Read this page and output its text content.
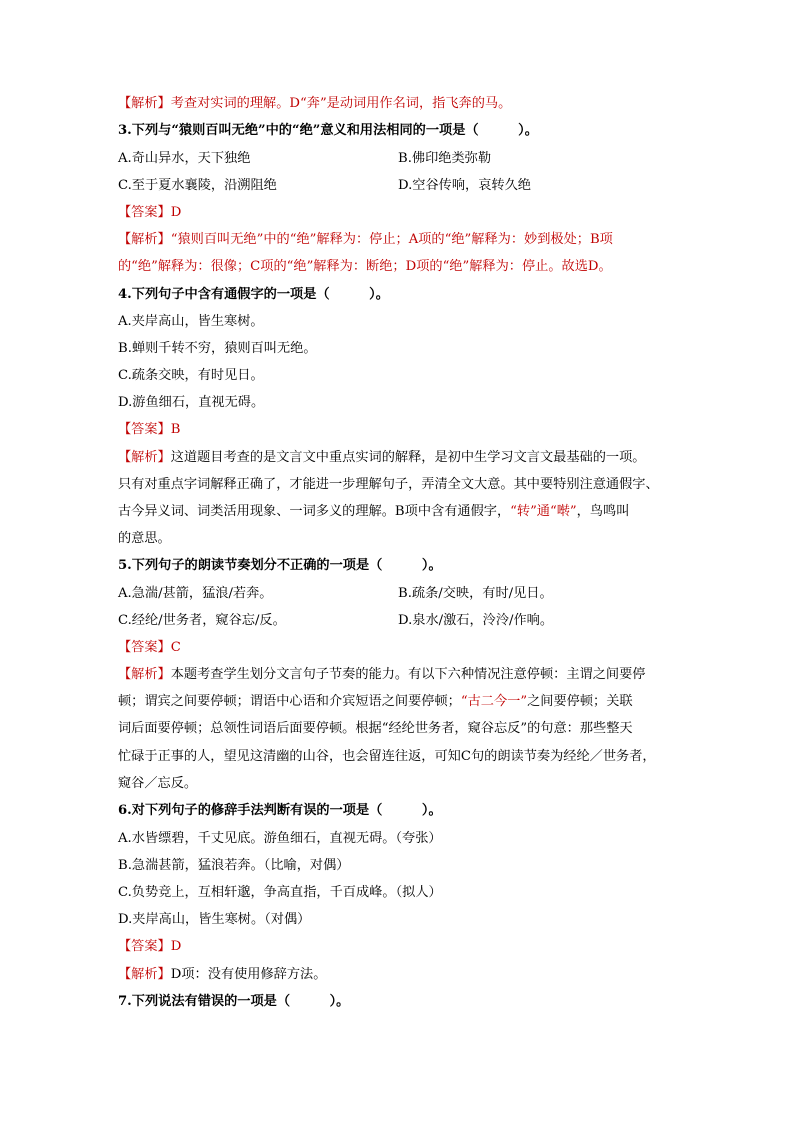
【解析】考查对实词的理解。D“奔”是动词用作名词，指飞奔的马。
3.下列与“猿则百叫无绝”中的“绝”意义和用法相同的一项是（　　　）。
A.奇山异水，天下独绝	B.佛印绝类弥勒
C.至于夏水襄陵，沿溯阻绝	D.空谷传响，哀转久绝
【答案】D
【解析】“猿则百叫无绝”中的“绝”解释为：停止；A项的“绝”解释为：妙到极处；B项
的“绝”解释为：很像；C项的“绝”解释为：断绝；D项的“绝”解释为：停止。故选D。
4.下列句子中含有通假字的一项是（　　　）。
A.夹岸高山，皆生寒树。
B.蝉则千转不穷，猿则百叫无绝。
C.疏条交映，有时见日。
D.游鱼细石，直视无碍。
【答案】B
【解析】这道题目考查的是文言文中重点实词的解释，是初中生学习文言文最基础的一项。
只有对重点字词解释正确了，才能进一步理解句子，弄清全文大意。其中要特别注意通假字、
古今异义词、词类活用现象、一词多义的理解。B项中含有通假字，“转”通“啭”，鸟鸣叫
的意思。
5.下列句子的朗读节奏划分不正确的一项是（　　　）。
A.急湍/甚箭，猛浪/若奔。	B.疏条/交映，有时/见日。
C.经纶/世务者，窥谷忘/反。	D.泉水/激石，泠泠/作响。
【答案】C
【解析】本题考查学生划分文言句子节奏的能力。有以下六种情况注意停顿：主谓之间要停
顿；谓宾之间要停顿；谓语中心语和介宾短语之间要停顿；“古二今一”之间要停顿；关联
词后面要停顿；总领性词语后面要停顿。根据“经纶世务者，窥谷忘反”的句意：那些整天
忙碌于正事的人，望见这清幽的山谷，也会留连往返，可知C句的朗读节奏为经纶／世务者，
窥谷／忘反。
6.对下列句子的修辞手法判断有误的一项是（　　　）。
A.水皆缥碧，千丈见底。游鱼细石，直视无碍。（夸张）
B.急湍甚箭，猛浪若奔。（比喻，对偶）
C.负势竞上，互相轩邈，争高直指，千百成峰。（拟人）
D.夹岸高山，皆生寒树。（对偶）
【答案】D
【解析】D项：没有使用修辞方法。
7.下列说法有错误的一项是（　　　）。
